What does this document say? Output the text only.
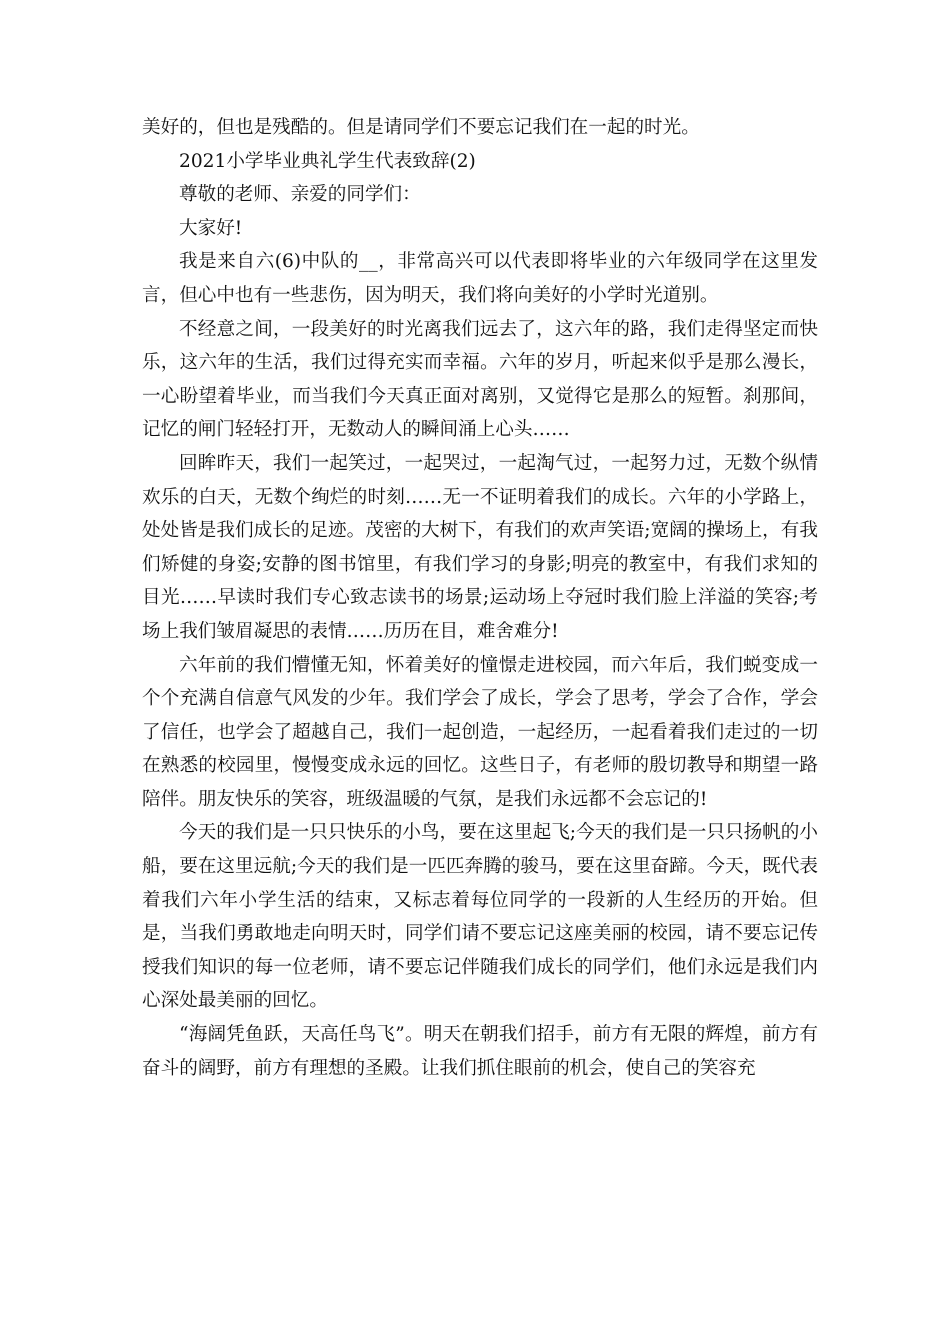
美好的，但也是残酷的。但是请同学们不要忘记我们在一起的时光。

2021小学毕业典礼学生代表致辞(2)

尊敬的老师、亲爱的同学们：

大家好!

我是来自六(6)中队的__，非常高兴可以代表即将毕业的六年级同学在这里发言，但心中也有一些悲伤，因为明天，我们将向美好的小学时光道别。

不经意之间，一段美好的时光离我们远去了，这六年的路，我们走得坚定而快乐，这六年的生活，我们过得充实而幸福。六年的岁月，听起来似乎是那么漫长，一心盼望着毕业，而当我们今天真正面对离别，又觉得它是那么的短暂。刹那间，记忆的闸门轻轻打开，无数动人的瞬间涌上心头……

回眸昨天，我们一起笑过，一起哭过，一起淘气过，一起努力过，无数个纵情欢乐的白天，无数个绚烂的时刻……无一不证明着我们的成长。六年的小学路上，处处皆是我们成长的足迹。茂密的大树下，有我们的欢声笑语;宽阔的操场上，有我们矫健的身姿;安静的图书馆里，有我们学习的身影;明亮的教室中，有我们求知的目光……早读时我们专心致志读书的场景;运动场上夺冠时我们脸上洋溢的笑容;考场上我们皱眉凝思的表情……历历在目，难舍难分!

六年前的我们懵懂无知，怀着美好的憧憬走进校园，而六年后，我们蜕变成一个个充满自信意气风发的少年。我们学会了成长，学会了思考，学会了合作，学会了信任，也学会了超越自己，我们一起创造，一起经历，一起看着我们走过的一切在熟悉的校园里，慢慢变成永远的回忆。这些日子，有老师的殷切教导和期望一路陪伴。朋友快乐的笑容，班级温暖的气氛，是我们永远都不会忘记的!

今天的我们是一只只快乐的小鸟，要在这里起飞;今天的我们是一只只扬帆的小船，要在这里远航;今天的我们是一匹匹奔腾的骏马，要在这里奋蹄。今天，既代表着我们六年小学生活的结束，又标志着每位同学的一段新的人生经历的开始。但是，当我们勇敢地走向明天时，同学们请不要忘记这座美丽的校园，请不要忘记传授我们知识的每一位老师，请不要忘记伴随我们成长的同学们，他们永远是我们内心深处最美丽的回忆。

“海阔凭鱼跃，天高任鸟飞”。明天在朝我们招手，前方有无限的辉煌，前方有奋斗的阔野，前方有理想的圣殿。让我们抓住眼前的机会，使自己的笑容充
